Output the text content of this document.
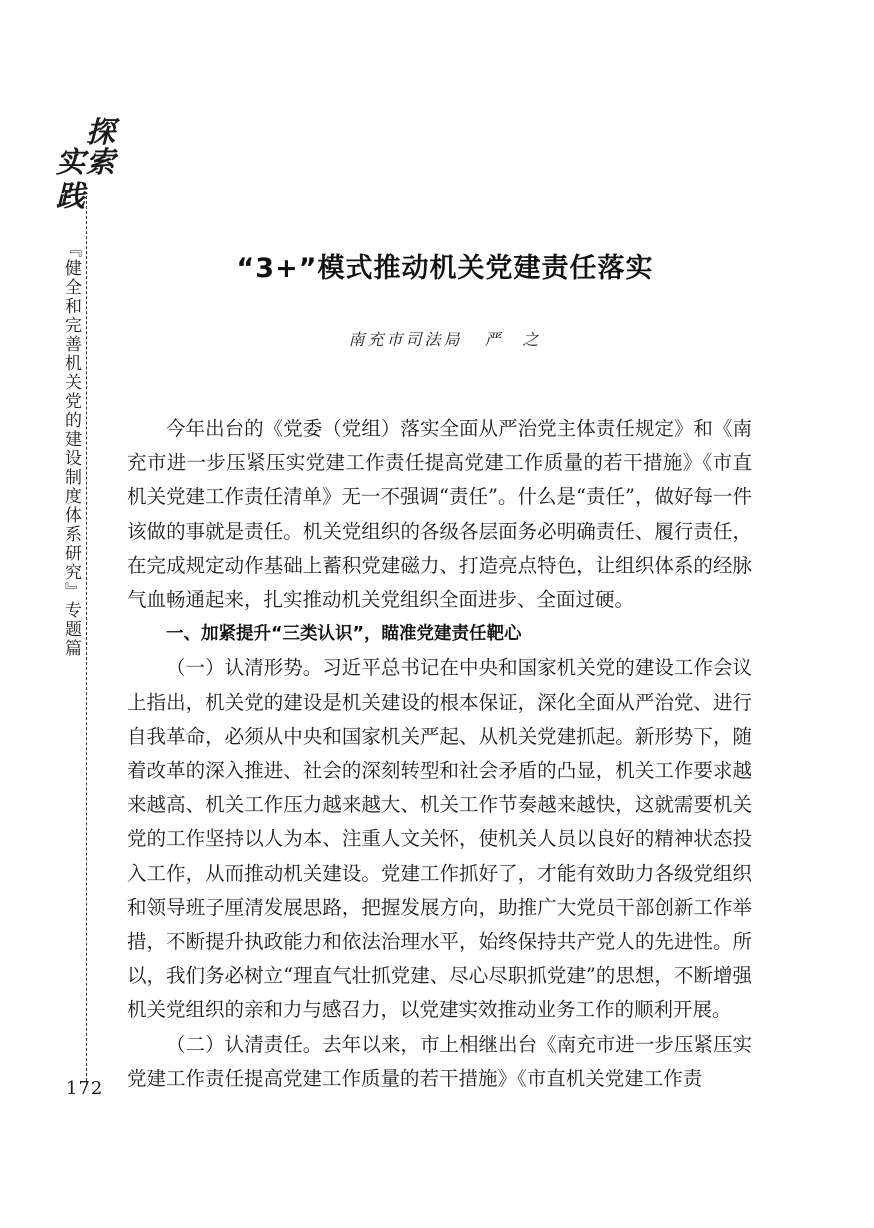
探
索
实
践
『健全和完善机关党的建设制度体系研究』专题篇
172
“3+”模式推动机关党建责任落实
南充市司法局 严　之

今年出台的《党委（党组）落实全面从严治党主体责任规定》和《南充市进一步压紧压实党建工作责任提高党建工作质量的若干措施》《市直机关党建工作责任清单》无一不强调“责任”。什么是“责任”，做好每一件该做的事就是责任。机关党组织的各级各层面务必明确责任、履行责任，在完成规定动作基础上蓄积党建磁力、打造亮点特色，让组织体系的经脉气血畅通起来，扎实推动机关党组织全面进步、全面过硬。

一、加紧提升“三类认识”，瞄准党建责任靶心

（一）认清形势。习近平总书记在中央和国家机关党的建设工作会议上指出，机关党的建设是机关建设的根本保证，深化全面从严治党、进行自我革命，必须从中央和国家机关严起、从机关党建抓起。新形势下，随着改革的深入推进、社会的深刻转型和社会矛盾的凸显，机关工作要求越来越高、机关工作压力越来越大、机关工作节奏越来越快，这就需要机关党的工作坚持以人为本、注重人文关怀，使机关人员以良好的精神状态投入工作，从而推动机关建设。党建工作抓好了，才能有效助力各级党组织和领导班子厘清发展思路，把握发展方向，助推广大党员干部创新工作举措，不断提升执政能力和依法治理水平，始终保持共产党人的先进性。所以，我们务必树立“理直气壮抓党建、尽心尽职抓党建”的思想，不断增强机关党组织的亲和力与感召力，以党建实效推动业务工作的顺利开展。

（二）认清责任。去年以来，市上相继出台《南充市进一步压紧压实党建工作责任提高党建工作质量的若干措施》《市直机关党建工作责
